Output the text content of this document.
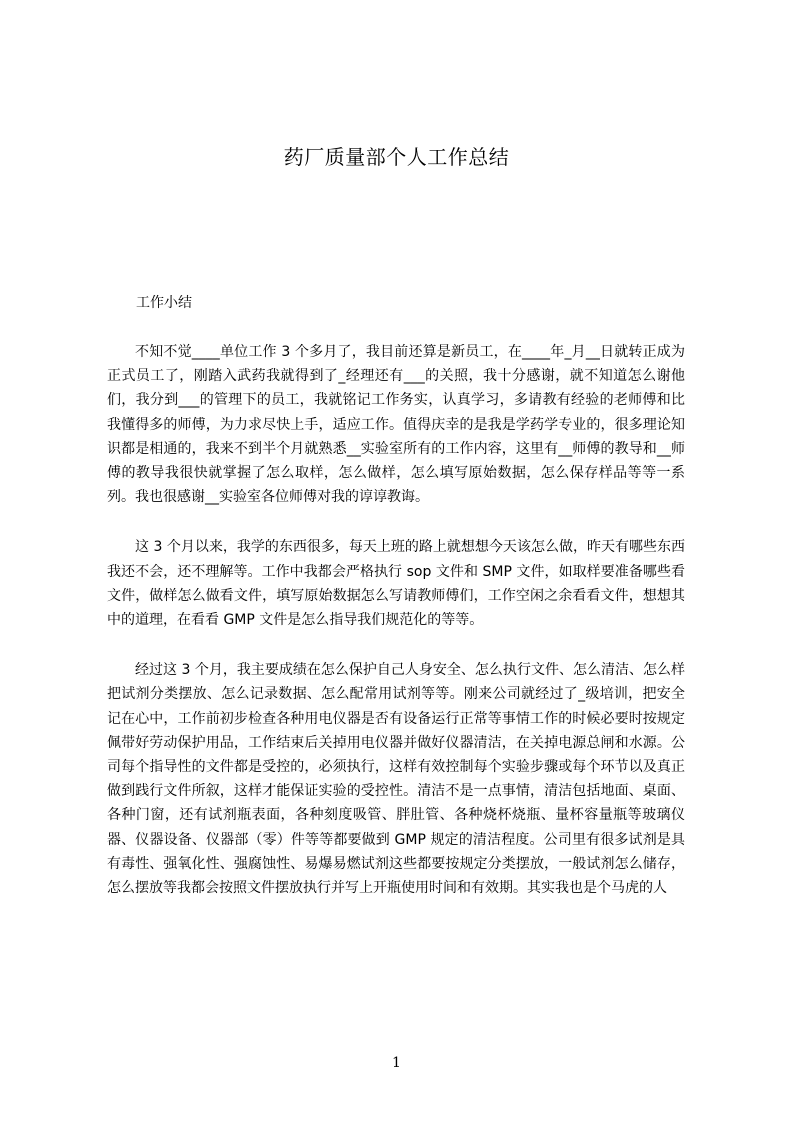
药厂质量部个人工作总结
工作小结

不知不觉____单位工作 3 个多月了，我目前还算是新员工，在____年_月__日就转正成为正式员工了，刚踏入武药我就得到了_经理还有___的关照，我十分感谢，就不知道怎么谢他们，我分到___的管理下的员工，我就铭记工作务实，认真学习，多请教有经验的老师傅和比我懂得多的师傅，为力求尽快上手，适应工作。值得庆幸的是我是学药学专业的，很多理论知识都是相通的，我来不到半个月就熟悉__实验室所有的工作内容，这里有__师傅的教导和__师傅的教导我很快就掌握了怎么取样，怎么做样，怎么填写原始数据，怎么保存样品等等一系列。我也很感谢__实验室各位师傅对我的谆谆教诲。

这 3 个月以来，我学的东西很多，每天上班的路上就想想今天该怎么做，昨天有哪些东西我还不会，还不理解等。工作中我都会严格执行 sop 文件和 SMP 文件，如取样要准备哪些看文件，做样怎么做看文件，填写原始数据怎么写请教师傅们，工作空闲之余看看文件，想想其中的道理，在看看 GMP 文件是怎么指导我们规范化的等等。

经过这 3 个月，我主要成绩在怎么保护自己人身安全、怎么执行文件、怎么清洁、怎么样把试剂分类摆放、怎么记录数据、怎么配常用试剂等等。刚来公司就经过了_级培训，把安全记在心中，工作前初步检查各种用电仪器是否有设备运行正常等事情工作的时候必要时按规定佩带好劳动保护用品，工作结束后关掉用电仪器并做好仪器清洁，在关掉电源总闸和水源。公司每个指导性的文件都是受控的，必须执行，这样有效控制每个实验步骤或每个环节以及真正做到践行文件所叙，这样才能保证实验的受控性。清洁不是一点事情，清洁包括地面、桌面、各种门窗，还有试剂瓶表面，各种刻度吸管、胖肚管、各种烧杯烧瓶、量杯容量瓶等玻璃仪器、仪器设备、仪器部（零）件等等都要做到 GMP 规定的清洁程度。公司里有很多试剂是具有毒性、强氧化性、强腐蚀性、易爆易燃试剂这些都要按规定分类摆放，一般试剂怎么储存，怎么摆放等我都会按照文件摆放执行并写上开瓶使用时间和有效期。其实我也是个马虎的人

1
